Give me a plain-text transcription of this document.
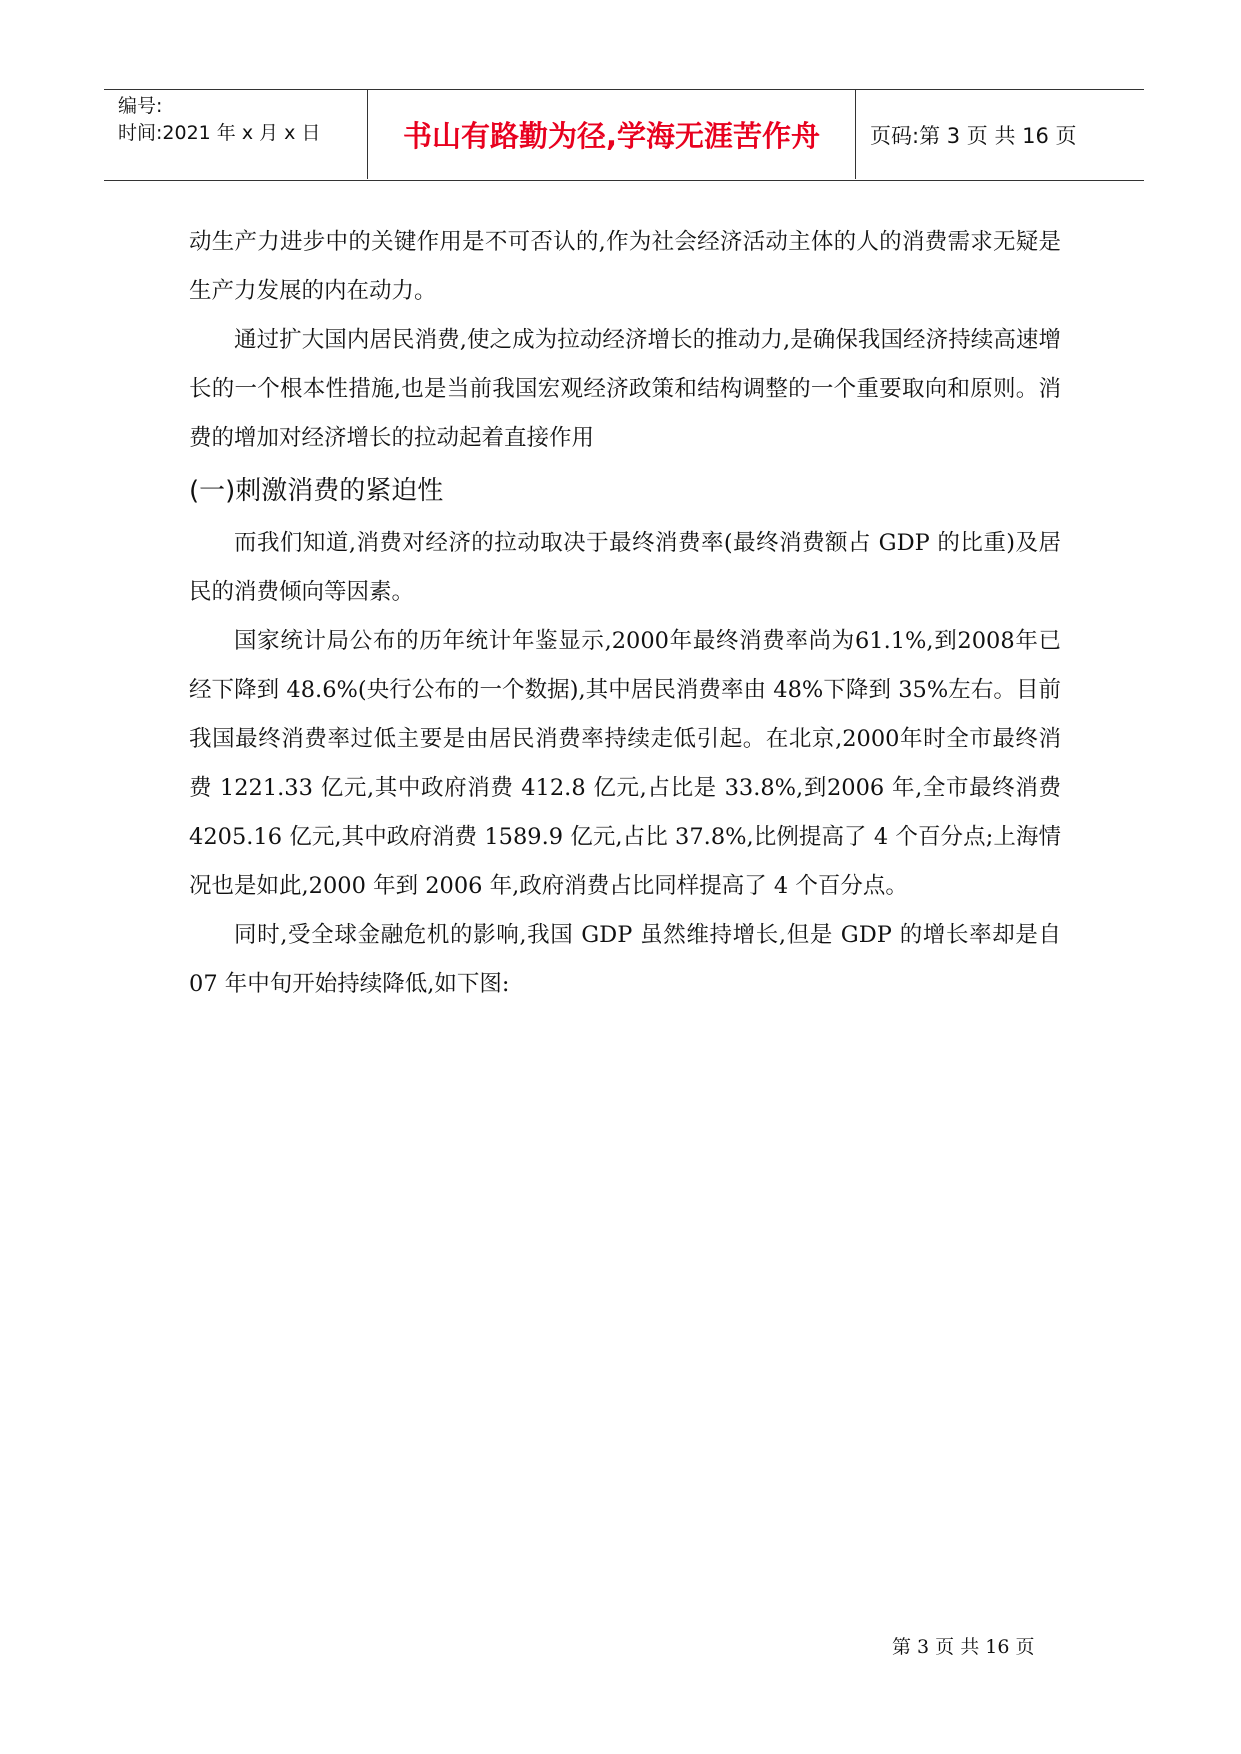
编号:
时间:2021 年 x 月 x 日	书山有路勤为径,学海无涯苦作舟 页码:第 3 页 共 16 页

动生产力进步中的关键作用是不可否认的,作为社会经济活动主体的人的消费需求无疑是生产力发展的内在动力。

通过扩大国内居民消费,使之成为拉动经济增长的推动力,是确保我国经济持续高速增长的一个根本性措施,也是当前我国宏观经济政策和结构调整的一个重要取向和原则。消费的增加对经济增长的拉动起着直接作用

(一)刺激消费的紧迫性

而我们知道,消费对经济的拉动取决于最终消费率(最终消费额占 GDP 的比重)及居民的消费倾向等因素。

国家统计局公布的历年统计年鉴显示,2000年最终消费率尚为61.1%,到2008年已经下降到 48.6%(央行公布的一个数据),其中居民消费率由 48%下降到 35%左右。目前我国最终消费率过低主要是由居民消费率持续走低引起。在北京,2000年时全市最终消费 1221.33 亿元,其中政府消费 412.8 亿元,占比是 33.8%,到2006 年,全市最终消费 4205.16 亿元,其中政府消费 1589.9 亿元,占比 37.8%,比例提高了 4 个百分点;上海情况也是如此,2000 年到 2006 年,政府消费占比同样提高了 4 个百分点。

同时,受全球金融危机的影响,我国 GDP 虽然维持增长,但是 GDP 的增长率却是自 07 年中旬开始持续降低,如下图:

第 3 页 共 16 页
